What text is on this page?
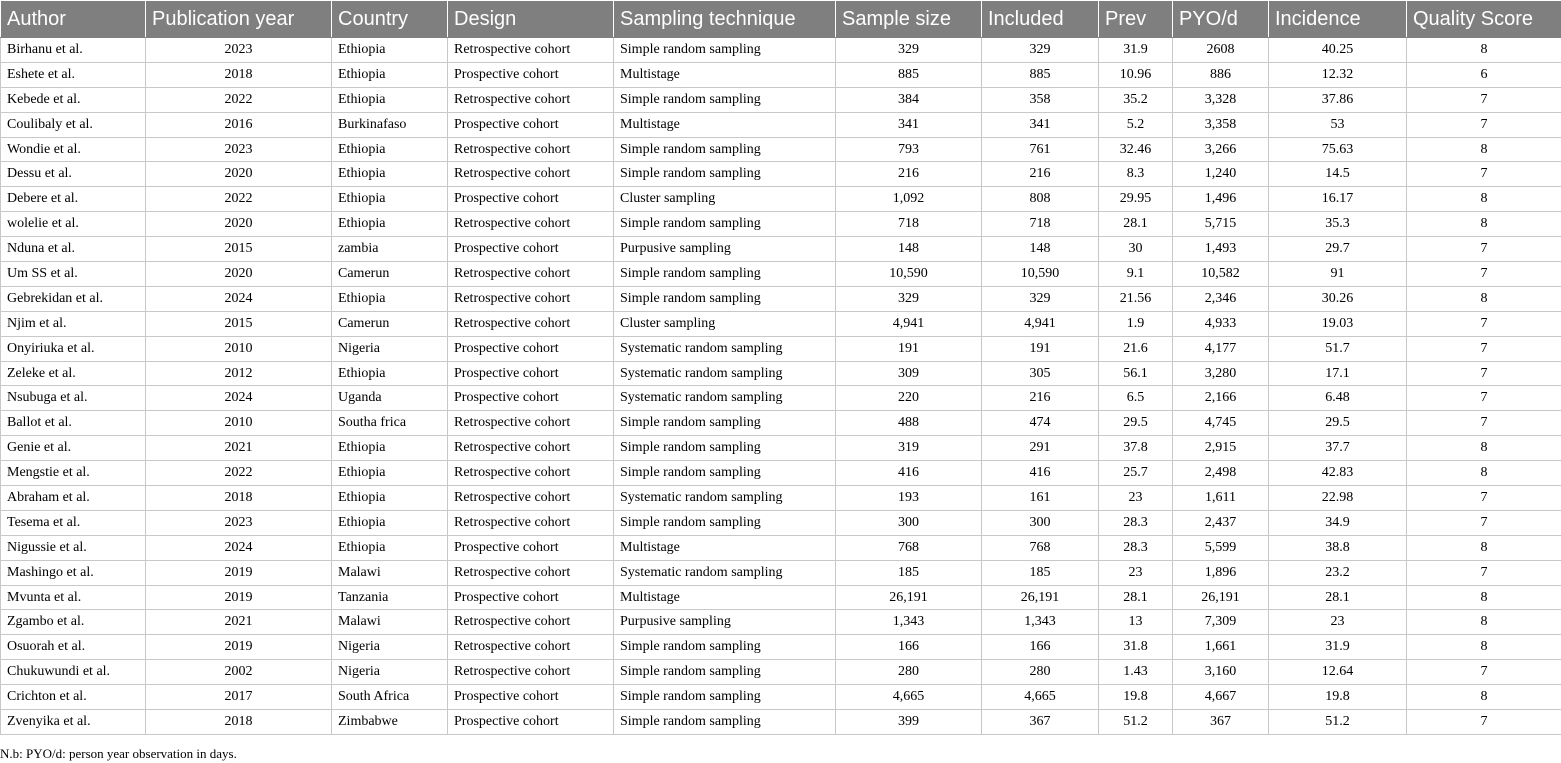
Author	Publication year	Country	Design	Sampling technique	Sample size	Included	Prev	PYO/d	Incidence	Quality Score
Birhanu et al.	2023	Ethiopia	Retrospective cohort	Simple random sampling	329	329	31.9	2608	40.25	8
Eshete et al.	2018	Ethiopia	Prospective cohort	Multistage	885	885	10.96	886	12.32	6
Kebede et al.	2022	Ethiopia	Retrospective cohort	Simple random sampling	384	358	35.2	3,328	37.86	7
Coulibaly et al.	2016	Burkinafaso	Prospective cohort	Multistage	341	341	5.2	3,358	53	7
Wondie et al.	2023	Ethiopia	Retrospective cohort	Simple random sampling	793	761	32.46	3,266	75.63	8
Dessu et al.	2020	Ethiopia	Retrospective cohort	Simple random sampling	216	216	8.3	1,240	14.5	7
Debere et al.	2022	Ethiopia	Prospective cohort	Cluster sampling	1,092	808	29.95	1,496	16.17	8
wolelie et al.	2020	Ethiopia	Retrospective cohort	Simple random sampling	718	718	28.1	5,715	35.3	8
Nduna et al.	2015	zambia	Prospective cohort	Purpusive sampling	148	148	30	1,493	29.7	7
Um SS et al.	2020	Camerun	Retrospective cohort	Simple random sampling	10,590	10,590	9.1	10,582	91	7
Gebrekidan et al.	2024	Ethiopia	Retrospective cohort	Simple random sampling	329	329	21.56	2,346	30.26	8
Njim et al.	2015	Camerun	Retrospective cohort	Cluster sampling	4,941	4,941	1.9	4,933	19.03	7
Onyiriuka et al.	2010	Nigeria	Prospective cohort	Systematic random sampling	191	191	21.6	4,177	51.7	7
Zeleke et al.	2012	Ethiopia	Prospective cohort	Systematic random sampling	309	305	56.1	3,280	17.1	7
Nsubuga et al.	2024	Uganda	Prospective cohort	Systematic random sampling	220	216	6.5	2,166	6.48	7
Ballot et al.	2010	Southa frica	Retrospective cohort	Simple random sampling	488	474	29.5	4,745	29.5	7
Genie et al.	2021	Ethiopia	Retrospective cohort	Simple random sampling	319	291	37.8	2,915	37.7	8
Mengstie et al.	2022	Ethiopia	Retrospective cohort	Simple random sampling	416	416	25.7	2,498	42.83	8
Abraham et al.	2018	Ethiopia	Retrospective cohort	Systematic random sampling	193	161	23	1,611	22.98	7
Tesema et al.	2023	Ethiopia	Retrospective cohort	Simple random sampling	300	300	28.3	2,437	34.9	7
Nigussie et al.	2024	Ethiopia	Prospective cohort	Multistage	768	768	28.3	5,599	38.8	8
Mashingo et al.	2019	Malawi	Retrospective cohort	Systematic random sampling	185	185	23	1,896	23.2	7
Mvunta et al.	2019	Tanzania	Prospective cohort	Multistage	26,191	26,191	28.1	26,191	28.1	8
Zgambo et al.	2021	Malawi	Retrospective cohort	Purpusive sampling	1,343	1,343	13	7,309	23	8
Osuorah et al.	2019	Nigeria	Retrospective cohort	Simple random sampling	166	166	31.8	1,661	31.9	8
Chukuwundi et al.	2002	Nigeria	Retrospective cohort	Simple random sampling	280	280	1.43	3,160	12.64	7
Crichton et al.	2017	South Africa	Prospective cohort	Simple random sampling	4,665	4,665	19.8	4,667	19.8	8
Zvenyika et al.	2018	Zimbabwe	Prospective cohort	Simple random sampling	399	367	51.2	367	51.2	7
N.b: PYO/d: person year observation in days.
